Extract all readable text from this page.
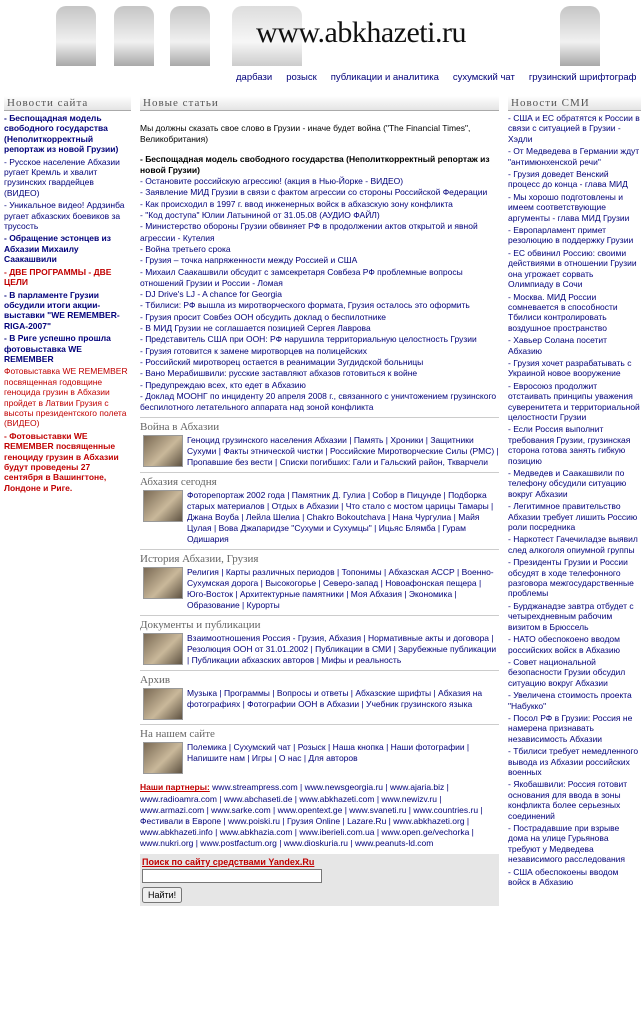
www.abkhazeti.ru
дарбази розыск публикации и аналитика сухумский чат грузинский шрифтограф
Новости сайта
- Беспощадная модель свободного государства (Неполиткорректный репортаж из новой Грузии)
- Русское население Абхазии ругает Кремль и хвалит грузинских гвардейцев (ВИДЕО)
- Уникальное видео! Ардзинба ругает абхазских боевиков за трусость
- Обращение эстонцев из Абхазии Михаилу Саакашвили
- ДВЕ ПРОГРАММЫ - ДВЕ ЦЕЛИ
- В парламенте Грузии обсудили итоги акции-выставки "WE REMEMBER-RIGA-2007"
- В Риге успешно прошла фотовыставка WE REMEMBER
Фотовыставка WE REMEMBER посвященная годовщине геноцида грузин в Абхазии пройдет в Латвии Грузия с высоты президентского полета (ВИДЕО)
- Фотовыставки WE REMEMBER посвященные геноциду грузин в Абхазии будут проведены 27 сентября в Вашингтоне, Лондоне и Риге.
Новые статьи
Мы должны сказать свое слово в Грузии - иначе будет война ("The Financial Times", Великобритания)
- Беспощадная модель свободного государства (Неполиткорректный репортаж из новой Грузии)
- Остановите российскую агрессию! (акция в Нью-Йорке - ВИДЕО)
- Заявление МИД Грузии в связи с фактом агрессии со стороны Российской Федерации
- Как происходил в 1997 г. ввод инженерных войск в абхазскую зону конфликта
- "Код доступа" Юлии Латыниной от 31.05.08 (АУДИО ФАЙЛ)
- Министерство обороны Грузии обвиняет РФ в продолжении актов открытой и явной агрессии - Кутелия
- Война третьего срока
- Грузия – точка напряженности между Россией и США
- Михаил Саакашвили обсудит с замсекретаря Совбеза РФ проблемные вопросы отношений Грузии и России - Ломая
- DJ Drive's LJ - A chance for Georgia
- Тбилиси: РФ вышла из миротворческого формата, Грузия осталось это оформить
- Грузия просит Совбез ООН обсудить доклад о беспилотнике
- В МИД Грузии не соглашается позицией Сергея Лаврова
- Представитель США при ООН: РФ нарушила территориальную целостность Грузии
- Грузия готовится к замене миротворцев на полицейских
- Российский миротворец остается в реанимации Зугдидской больницы
- Вано Мерабишвили: русские заставляют абхазов готовиться к войне
- Предупреждаю всех, кто едет в Абхазию
- Доклад МООНГ по инциденту 20 апреля 2008 г., связанного с уничтожением грузинского беспилотного летательного аппарата над зоной конфликта
Война в Абхазии
Геноцид грузинского населения Абхазии | Память | Хроники | Защитники Сухуми | Факты этнической чистки | Российские Миротворческие Силы (РМС) | Пропавшие без вести | Списки погибших: Гали и Гальский район, Ткварчели
Абхазия сегодня
Фоторепортаж 2002 года | Памятник Д. Гулиа | Собор в Пицунде | Подборка старых материалов | Отдых в Абхазии | Что стало с мостом царицы Тамары | Джана Воуба | Лейла Шелиа | Chakro Bokoutchava | Нана Чургулиа | Майя Цулая | Вова Джапаридзе "Сухуми и Сухумцы" | Ицьяс Блямба | Гурам Одишария
История Абхазии, Грузия
Религия | Карты различных периодов | Топонимы | Абхазская АССР | Военно-Сухумская дорога | Высокогорье | Северо-запад | Новоафонская пещера | Юго-Восток | Архитектурные памятники | Моя Абхазия | Экономика | Образование | Курорты
Документы и публикации
Взаимоотношения Россия - Грузия, Абхазия | Нормативные акты и договора | Резолюция ООН от 31.01.2002 | Публикации в СМИ | Зарубежные публикации | Публикации абхазских авторов | Мифы и реальность
Архив
Музыка | Программы | Вопросы и ответы | Абхазские шрифты | Абхазия на фотографиях | Фотографии ООН в Абхазии | Учебник грузинского языка
На нашем сайте
Полемика | Сухумский чат | Розыск | Наша кнопка | Наши фотографии | Напишите нам | Игры | О нас | Для авторов
Наши партнеры: www.streampress.com | www.newsgeorgia.ru | www.ajaria.biz | www.radioamra.com | www.abchaseti.de | www.abkhazeti.com | www.newizv.ru | www.armazi.com | www.sarke.com | www.opentext.ge | www.svaneti.ru | www.countries.ru | Фестивали в Европе | www.poiski.ru | Грузия Online | Lazare.Ru | www.abkhazeti.org | www.abkhazeti.info | www.abkhazia.com | www.iberieli.com.ua | www.open.ge/vechorka | www.nukri.org | www.postfactum.org | www.dioskuria.ru | www.peanuts-ld.com
Поиск по сайту средствами Yandex.Ru
Найти!
Новости СМИ
- США и ЕС обратятся к России в связи с ситуацией в Грузии - Хэдли
- От Медведева в Германии ждут "антимюнхенской речи"
- Грузия доведет Венский процесс до конца - глава МИД
- Мы хорошо подготовлены и имеем соответствующие аргументы - глава МИД Грузии
- Европарламент примет резолюцию в поддержку Грузии
- ЕС обвинил Россию: своими действиями в отношении Грузии она угрожает сорвать Олимпиаду в Сочи
- Москва. МИД России сомневается в способности Тбилиси контролировать воздушное пространство
- Хавьер Солана посетит Абхазию
- Грузия хочет разрабатывать с Украиной новое вооружение
- Евросоюз продолжит отстаивать принципы уважения суверенитета и территориальной целостности Грузии
- Если Россия выполнит требования Грузии, грузинская сторона готова занять гибкую позицию
- Медведев и Саакашвили по телефону обсудили ситуацию вокруг Абхазии
- Легитимное правительство Абхазии требует лишить Россию роли посредника
- Наркотест Гачечиладзе выявил след алкоголя опиумной группы
- Президенты Грузии и России обсудят в ходе телефонного разговора межгосударственные проблемы
- Бурджанадзе завтра отбудет с четырехдневным рабочим визитом в Брюссель
- НАТО обеспокоено вводом российских войск в Абхазию
- Совет национальной безопасности Грузии обсудил ситуацию вокруг Абхазии
- Увеличена стоимость проекта "Набукко"
- Посол РФ в Грузии: Россия не намерена признавать независимость Абхазии
- Тбилиси требует немедленного вывода из Абхазии российских военных
- Якобашвили: Россия готовит основания для ввода в зоны конфликта более серьезных соединений
- Пострадавшие при взрыве дома на улице Гурьянова требуют у Медведева независимого расследования
- США обеспокоены вводом войск в Абхазию
